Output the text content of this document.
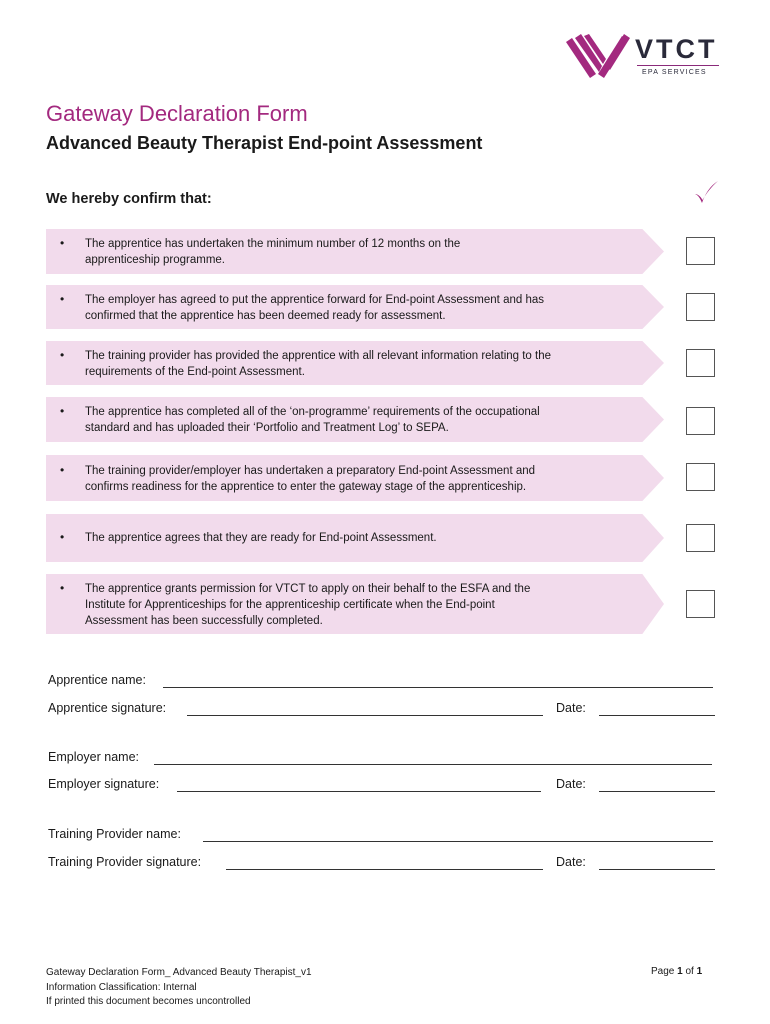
VTCT
EPA SERVICES
Gateway Declaration Form
Advanced Beauty Therapist End-point Assessment
We hereby confirm that:
• The apprentice has undertaken the minimum number of 12 months on the
apprenticeship programme.
• The employer has agreed to put the apprentice forward for End-point Assessment and has
confirmed that the apprentice has been deemed ready for assessment.
• The training provider has provided the apprentice with all relevant information relating to the
requirements of the End-point Assessment.
• The apprentice has completed all of the ‘on-programme’ requirements of the occupational
standard and has uploaded their ‘Portfolio and Treatment Log’ to SEPA.
• The training provider/employer has undertaken a preparatory End-point Assessment and
confirms readiness for the apprentice to enter the gateway stage of the apprenticeship.
• The apprentice agrees that they are ready for End-point Assessment.
• The apprentice grants permission for VTCT to apply on their behalf to the ESFA and the
Institute for Apprenticeships for the apprenticeship certificate when the End-point
Assessment has been successfully completed.
Apprentice name:
Apprentice signature:	Date:
Employer name:
Employer signature:	Date:
Training Provider name:
Training Provider signature:	Date:
Gateway Declaration Form_ Advanced Beauty Therapist_v1
Information Classification: Internal
If printed this document becomes uncontrolled
Page 1 of 1
